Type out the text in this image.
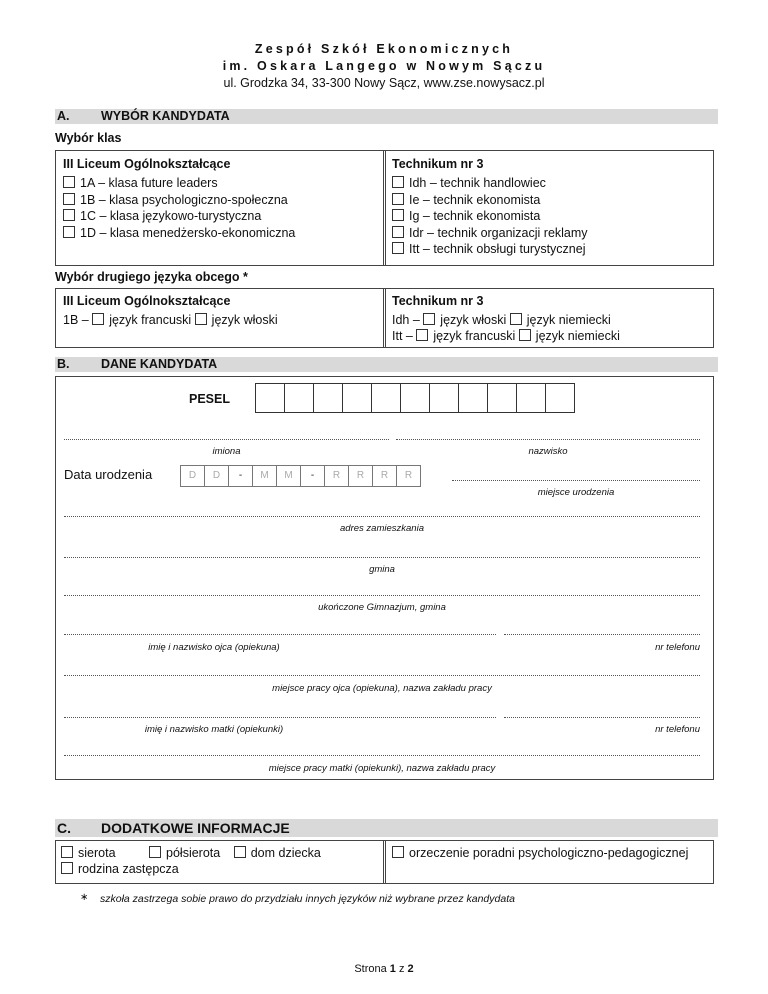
Zespół Szkół Ekonomicznych
im. Oskara Langego w Nowym Sączu
ul. Grodzka 34, 33-300 Nowy Sącz, www.zse.nowysacz.pl
A.	WYBÓR KANDYDATA
Wybór klas
III Liceum Ogólnokształcące
1A – klasa future leaders
1B – klasa psychologiczno-społeczna
1C – klasa językowo-turystyczna
1D – klasa menedżersko-ekonomiczna
Technikum nr 3
Idh – technik handlowiec
Ie – technik ekonomista
Ig – technik ekonomista
Idr – technik organizacji reklamy
Itt – technik obsługi turystycznej
Wybór drugiego języka obcego *
III Liceum Ogólnokształcące
1B – język francuski język włoski
Technikum nr 3
Idh – język włoski język niemiecki
Itt – język francuski język niemiecki
B.	DANE KANDYDATA
PESEL
imiona	nazwisko
Data urodzenia	D D - M M - R R R R
miejsce urodzenia
adres zamieszkania
gmina
ukończone Gimnazjum, gmina
imię i nazwisko ojca (opiekuna)	nr telefonu
miejsce pracy ojca (opiekuna), nazwa zakładu pracy
imię i nazwisko matki (opiekunki)	nr telefonu
miejsce pracy matki (opiekunki), nazwa zakładu pracy
C. DODATKOWE INFORMACJE
sierota	półsierota dom dziecka
rodzina zastępcza
orzeczenie poradni psychologiczno-pedagogicznej
∗ szkoła zastrzega sobie prawo do przydziału innych języków niż wybrane przez kandydata
Strona 1 z 2
